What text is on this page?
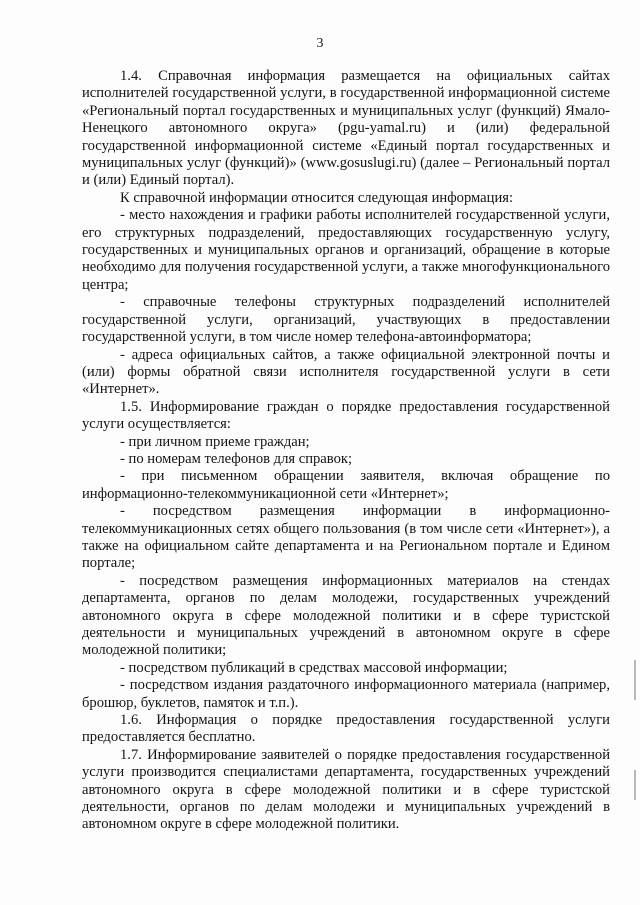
3

1.4. Справочная информация размещается на официальных сайтах исполнителей государственной услуги, в государственной информационной системе «Региональный портал государственных и муниципальных услуг (функций) Ямало-Ненецкого автономного округа» (pgu-yamal.ru) и (или) федеральной государственной информационной системе «Единый портал государственных и муниципальных услуг (функций)» (www.gosuslugi.ru) (далее – Региональный портал и (или) Единый портал).

К справочной информации относится следующая информация:

- место нахождения и графики работы исполнителей государственной услуги, его структурных подразделений, предоставляющих государственную услугу, государственных и муниципальных органов и организаций, обращение в которые необходимо для получения государственной услуги, а также многофункционального центра;

- справочные телефоны структурных подразделений исполнителей государственной услуги, организаций, участвующих в предоставлении государственной услуги, в том числе номер телефона-автоинформатора;

- адреса официальных сайтов, а также официальной электронной почты и (или) формы обратной связи исполнителя государственной услуги в сети «Интернет».

1.5. Информирование граждан о порядке предоставления государственной услуги осуществляется:

- при личном приеме граждан;

- по номерам телефонов для справок;

- при письменном обращении заявителя, включая обращение по информационно-телекоммуникационной сети «Интернет»;

- посредством размещения информации в информационно-телекоммуникационных сетях общего пользования (в том числе сети «Интернет»), а также на официальном сайте департамента и на Региональном портале и Едином портале;

- посредством размещения информационных материалов на стендах департамента, органов по делам молодежи, государственных учреждений автономного округа в сфере молодежной политики и в сфере туристской деятельности и муниципальных учреждений в автономном округе в сфере молодежной политики;

- посредством публикаций в средствах массовой информации;

- посредством издания раздаточного информационного материала (например, брошюр, буклетов, памяток и т.п.).

1.6. Информация о порядке предоставления государственной услуги предоставляется бесплатно.

1.7. Информирование заявителей о порядке предоставления государственной услуги производится специалистами департамента, государственных учреждений автономного округа в сфере молодежной политики и в сфере туристской деятельности, органов по делам молодежи и муниципальных учреждений в автономном округе в сфере молодежной политики.
